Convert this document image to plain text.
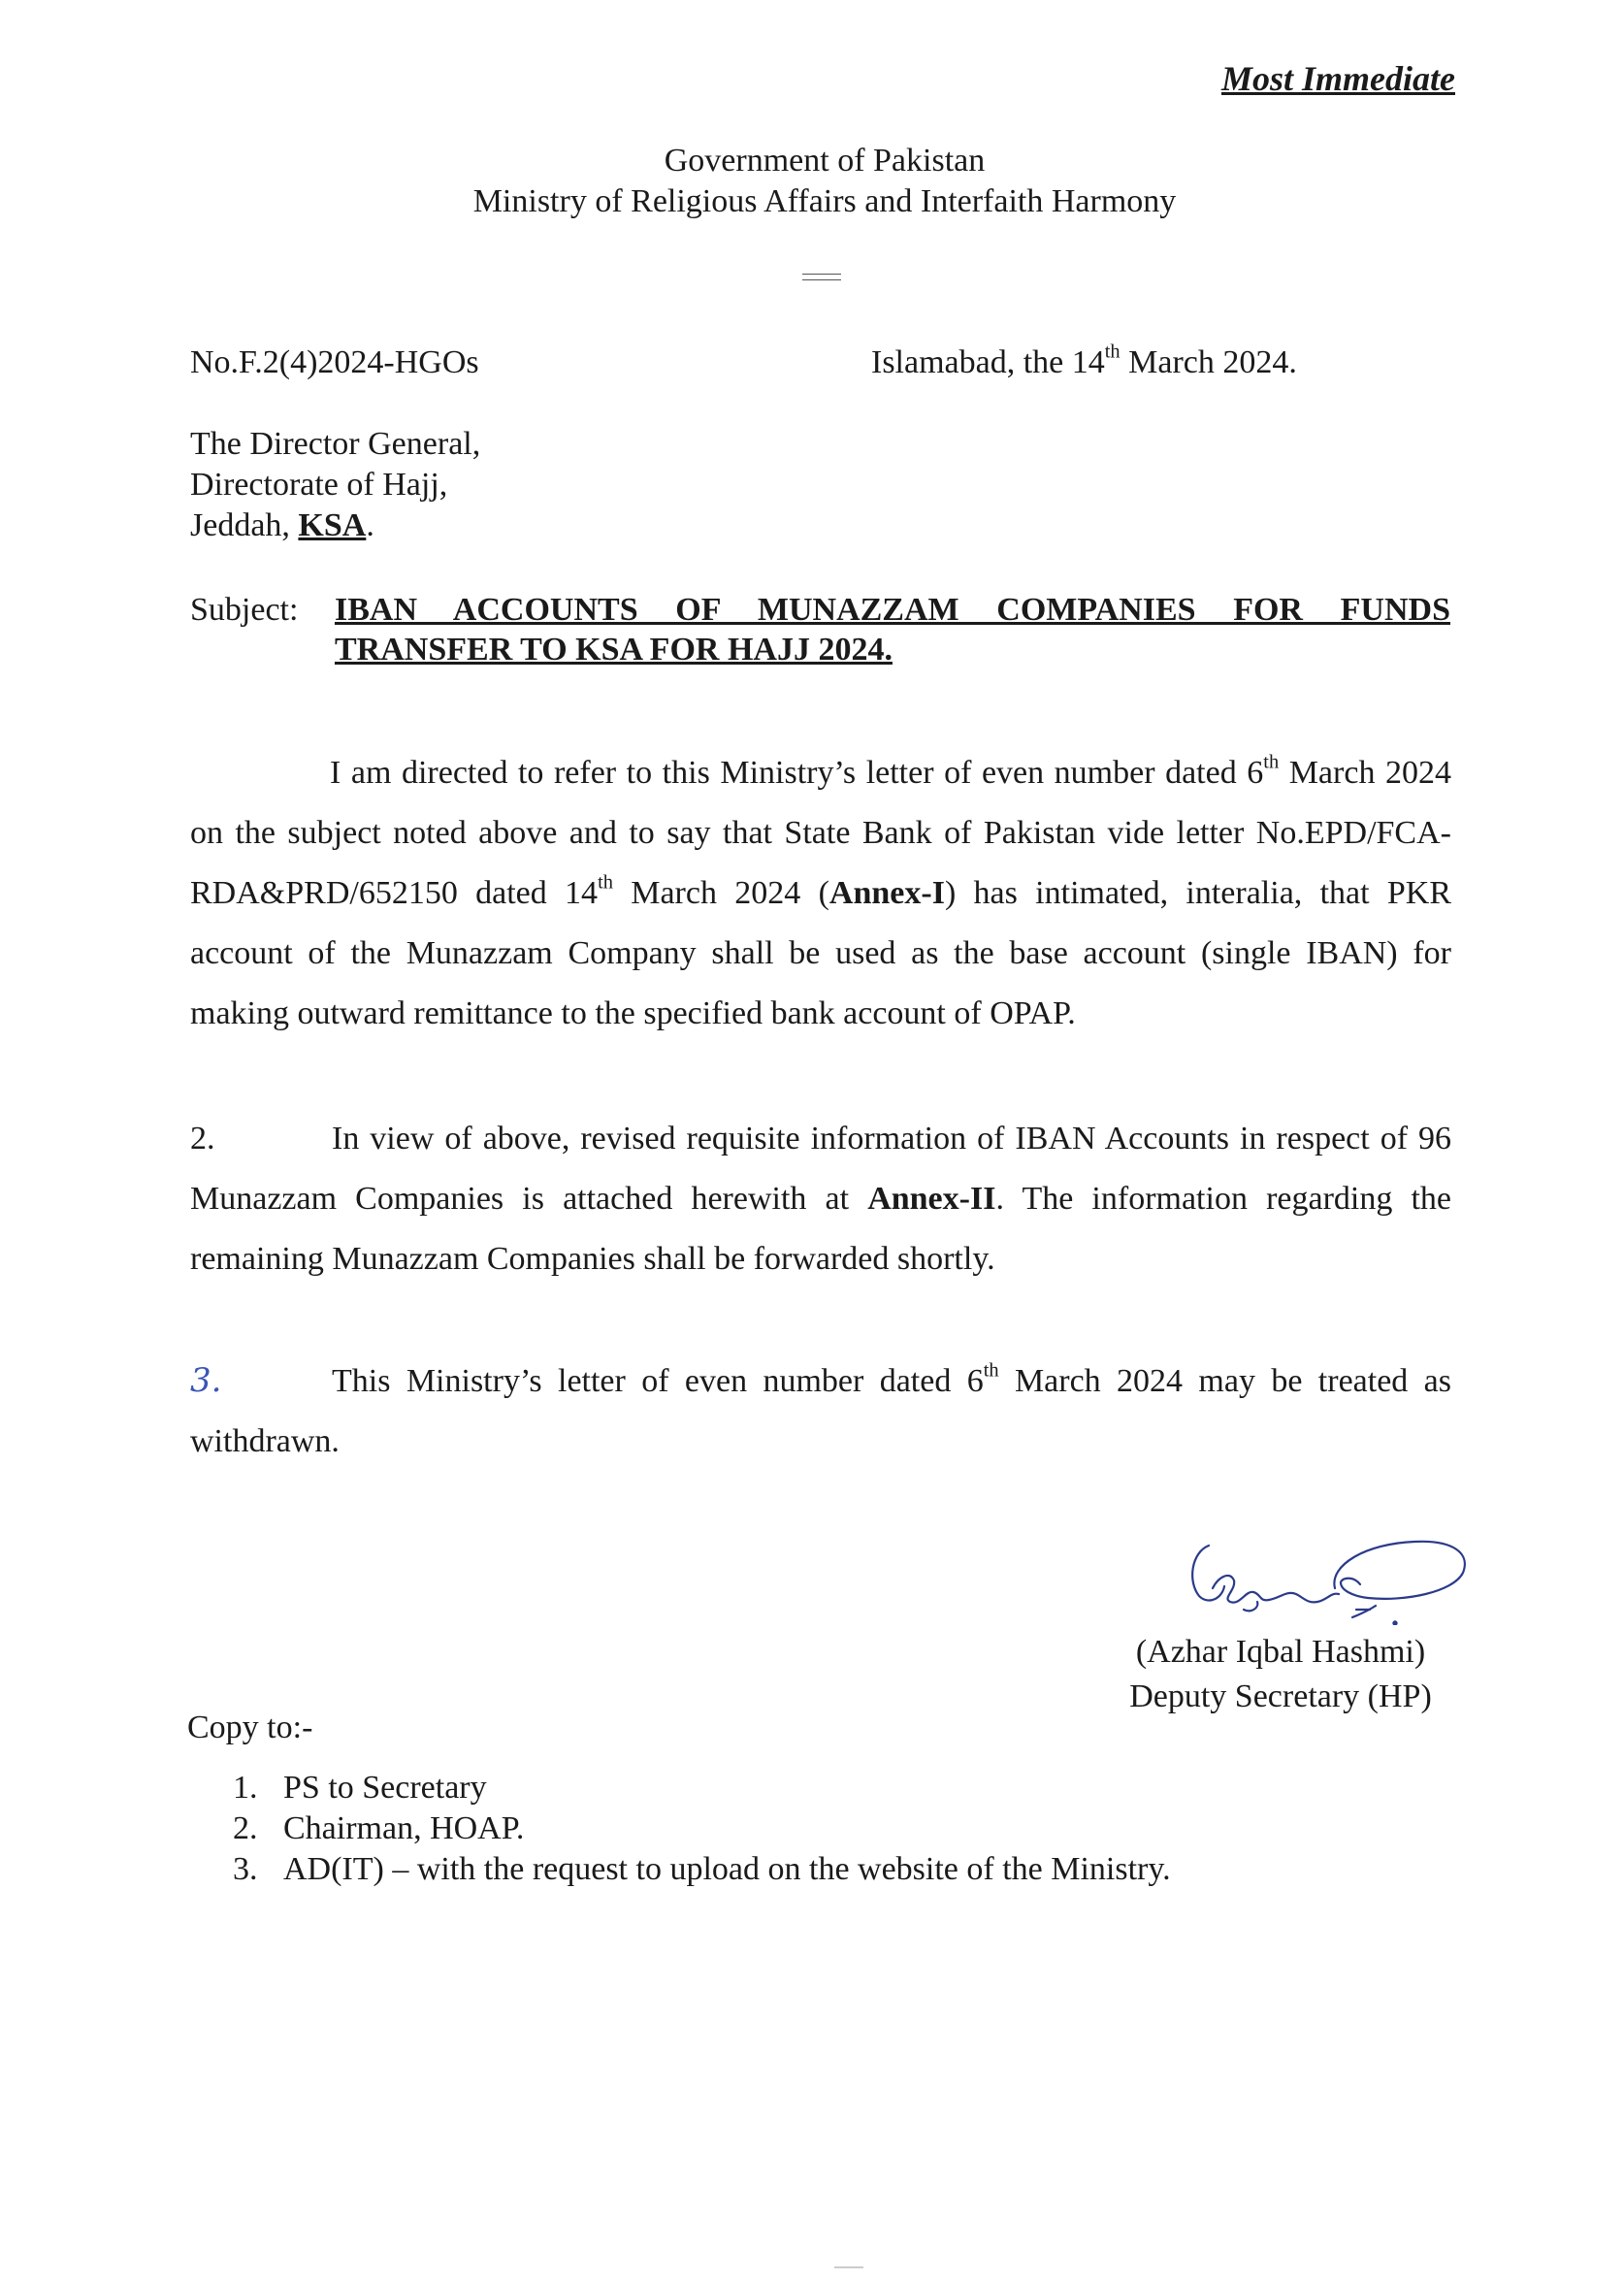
Most Immediate
Government of Pakistan
Ministry of Religious Affairs and Interfaith Harmony
No.F.2(4)2024-HGOs	Islamabad, the 14th March 2024.
The Director General,
Directorate of Hajj,
Jeddah, KSA.
Subject: IBAN ACCOUNTS OF MUNAZZAM COMPANIES FOR FUNDS
TRANSFER TO KSA FOR HAJJ 2024.
I am directed to refer to this Ministry’s letter of even number dated 6th March 2024 on the subject noted above and to say that State Bank of Pakistan vide letter No.EPD/FCA-RDA&PRD/652150 dated 14th March 2024 (Annex-I) has intimated, interalia, that PKR account of the Munazzam Company shall be used as the base account (single IBAN) for making outward remittance to the specified bank account of OPAP.
2.	In view of above, revised requisite information of IBAN Accounts in respect of 96 Munazzam Companies is attached herewith at Annex-II. The information regarding the remaining Munazzam Companies shall be forwarded shortly.
3.	This Ministry’s letter of even number dated 6th March 2024 may be treated as withdrawn.
(Azhar Iqbal Hashmi)
Deputy Secretary (HP)
Copy to:-
1. PS to Secretary
2. Chairman, HOAP.
3. AD(IT) – with the request to upload on the website of the Ministry.
